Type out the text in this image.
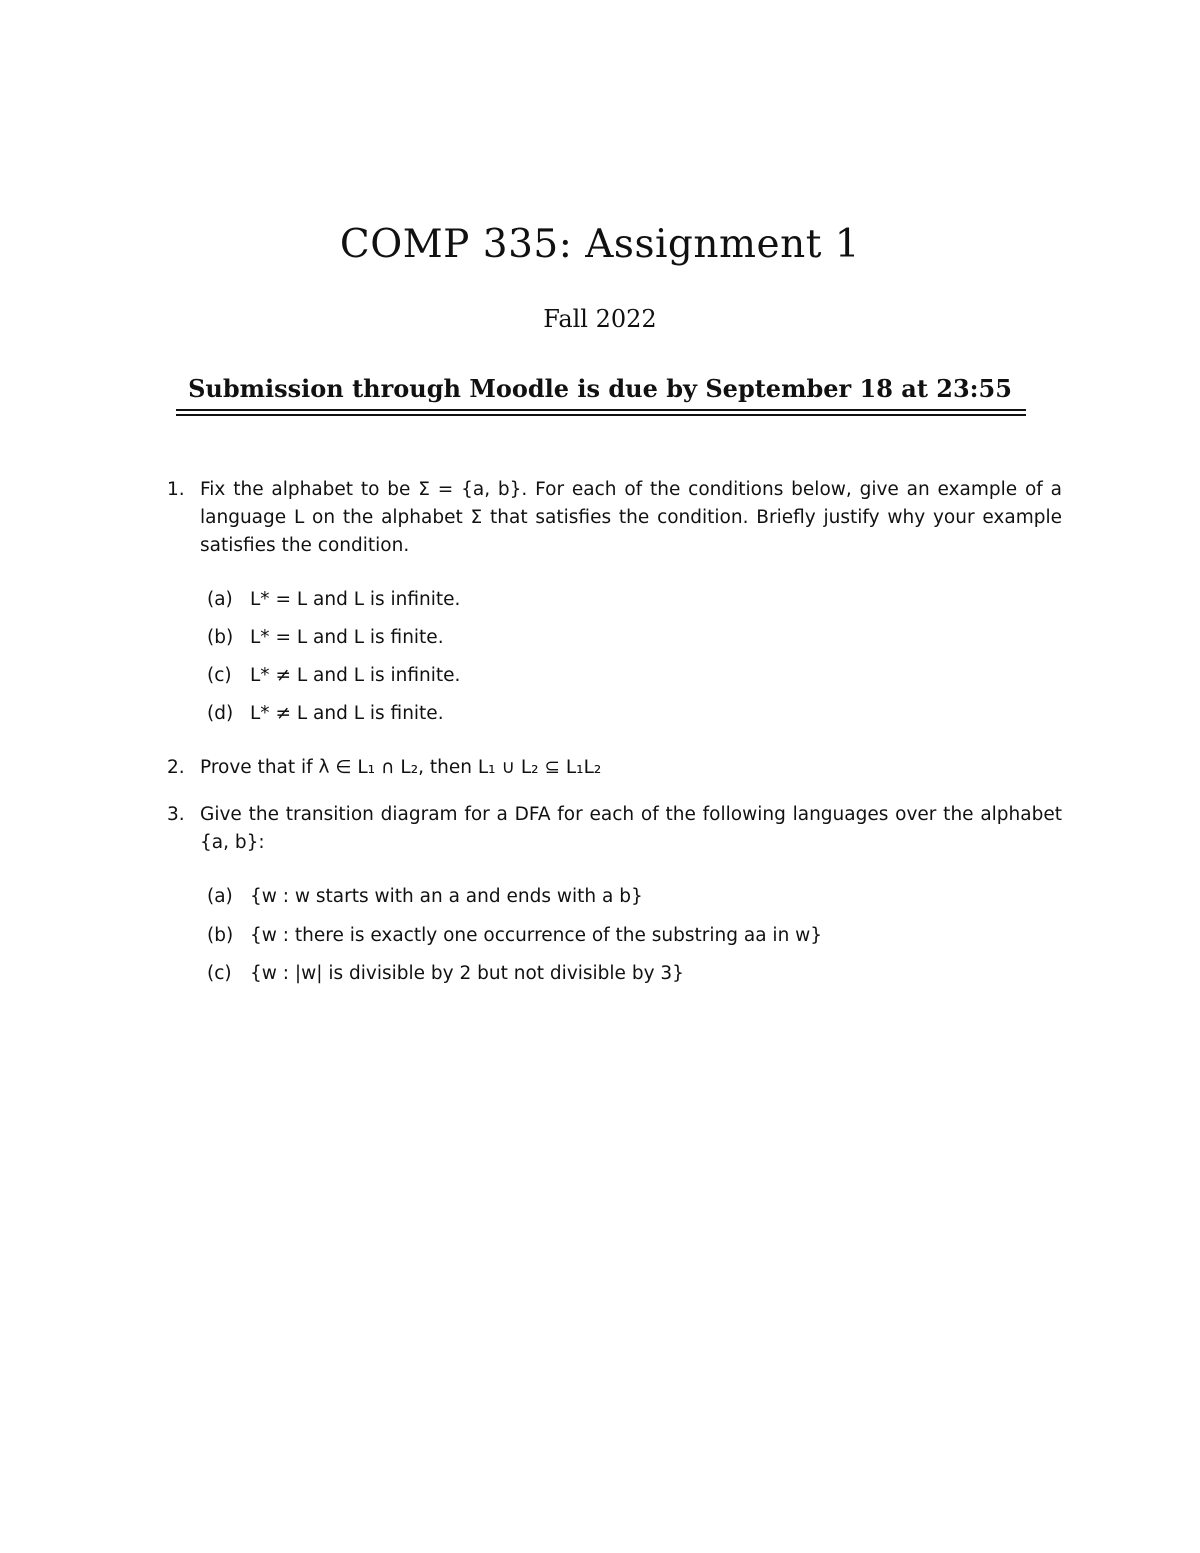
COMP 335: Assignment 1
Fall 2022
Submission through Moodle is due by September 18 at 23:55
1. Fix the alphabet to be Σ = {a, b}. For each of the conditions below, give an example of a language L on the alphabet Σ that satisfies the condition. Briefly justify why your example satisfies the condition.
(a) L* = L and L is infinite.
(b) L* = L and L is finite.
(c) L* ≠ L and L is infinite.
(d) L* ≠ L and L is finite.
2. Prove that if λ ∈ L₁ ∩ L₂, then L₁ ∪ L₂ ⊆ L₁L₂
3. Give the transition diagram for a DFA for each of the following languages over the alphabet {a, b}:
(a) {w : w starts with an a and ends with a b}
(b) {w : there is exactly one occurrence of the substring aa in w}
(c) {w : |w| is divisible by 2 but not divisible by 3}
